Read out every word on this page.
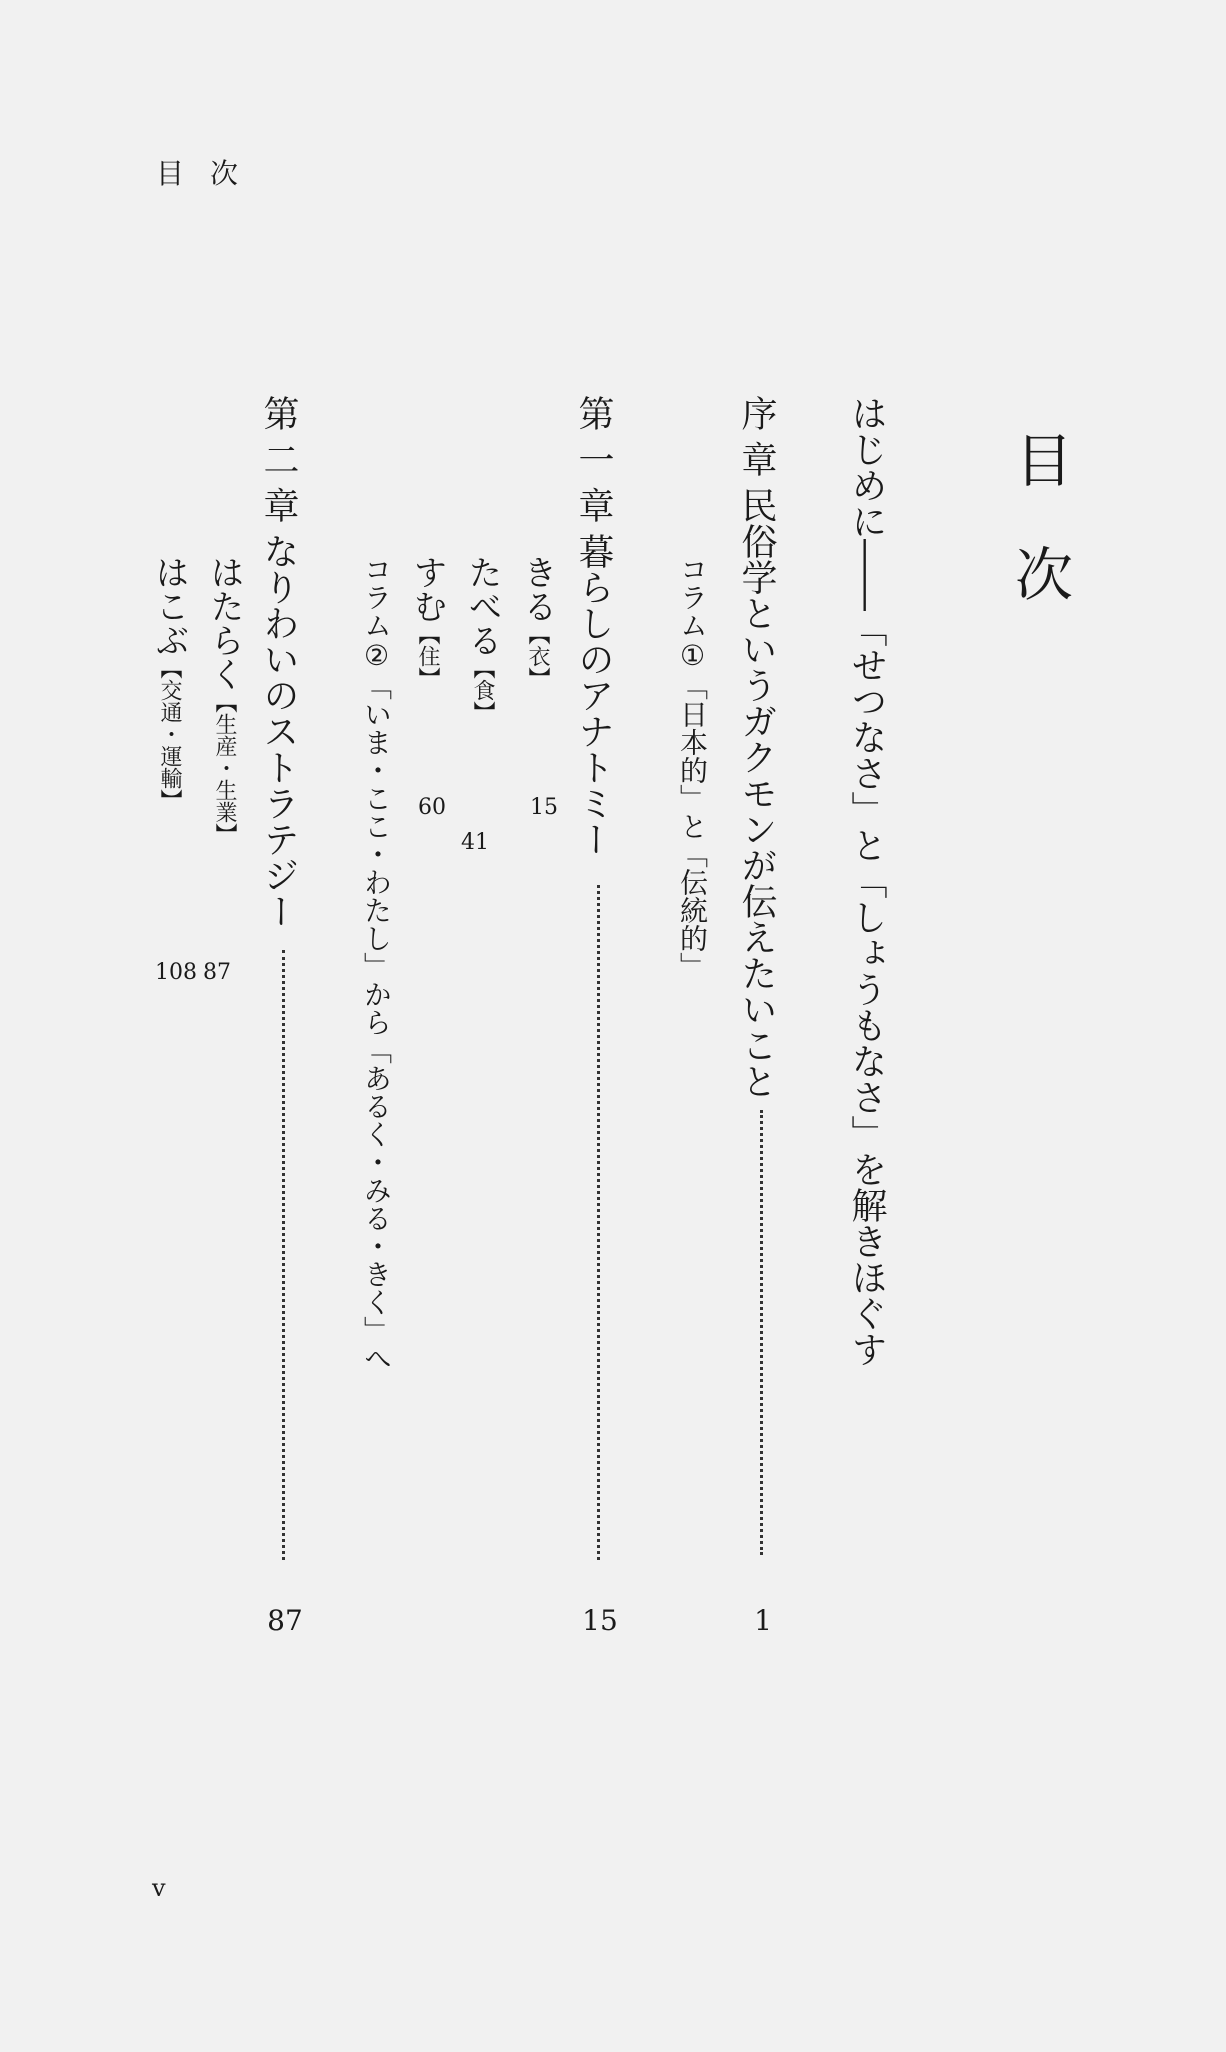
目次
v
目次
はじめに――「せつなさ」と「しょうもなさ」を解きほぐす
序章民俗学というガクモンが伝えたいこと
1
コラム①「日本的」と「伝統的」
第一章暮らしのアナトミー
15
きる【衣】
15
たべる【食】
41
すむ【住】
60
コラム②「いま・ここ・わたし」から「あるく・みる・きく」へ
第二章なりわいのストラテジー
87
はたらく【生産・生業】
87
はこぶ【交通・運輸】
108
